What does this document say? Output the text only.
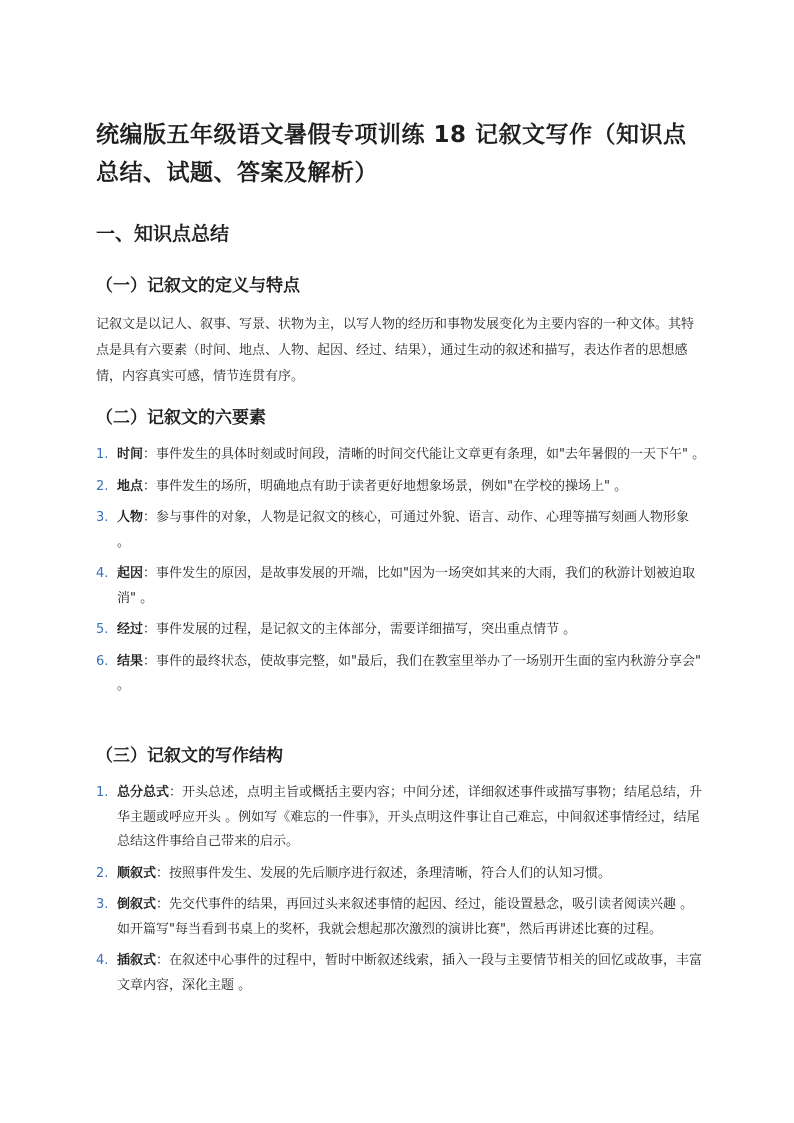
统编版五年级语文暑假专项训练 18 记叙文写作（知识点总结、试题、答案及解析）
一、知识点总结
（一）记叙文的定义与特点

记叙文是以记人、叙事、写景、状物为主，以写人物的经历和事物发展变化为主要内容的一种文体。其特点是具有六要素（时间、地点、人物、起因、经过、结果），通过生动的叙述和描写，表达作者的思想感情，内容真实可感，情节连贯有序。

（二）记叙文的六要素
1. 时间：事件发生的具体时刻或时间段，清晰的时间交代能让文章更有条理，如"去年暑假的一天下午" 。
2. 地点：事件发生的场所，明确地点有助于读者更好地想象场景，例如"在学校的操场上" 。
3. 人物：参与事件的对象，人物是记叙文的核心，可通过外貌、语言、动作、心理等描写刻画人物形象 。
4. 起因：事件发生的原因，是故事发展的开端，比如"因为一场突如其来的大雨，我们的秋游计划被迫取消" 。
5. 经过：事件发展的过程，是记叙文的主体部分，需要详细描写，突出重点情节 。
6. 结果：事件的最终状态，使故事完整，如"最后，我们在教室里举办了一场别开生面的室内秋游分享会" 。
（三）记叙文的写作结构
1. 总分总式：开头总述，点明主旨或概括主要内容；中间分述，详细叙述事件或描写事物；结尾总结，升华主题或呼应开头 。例如写《难忘的一件事》，开头点明这件事让自己难忘，中间叙述事情经过，结尾总结这件事给自己带来的启示。
2. 顺叙式：按照事件发生、发展的先后顺序进行叙述，条理清晰，符合人们的认知习惯。
3. 倒叙式：先交代事件的结果，再回过头来叙述事情的起因、经过，能设置悬念，吸引读者阅读兴趣 。如开篇写"每当看到书桌上的奖杯，我就会想起那次激烈的演讲比赛"，然后再讲述比赛的过程。
4. 插叙式：在叙述中心事件的过程中，暂时中断叙述线索，插入一段与主要情节相关的回忆或故事，丰富文章内容，深化主题 。
